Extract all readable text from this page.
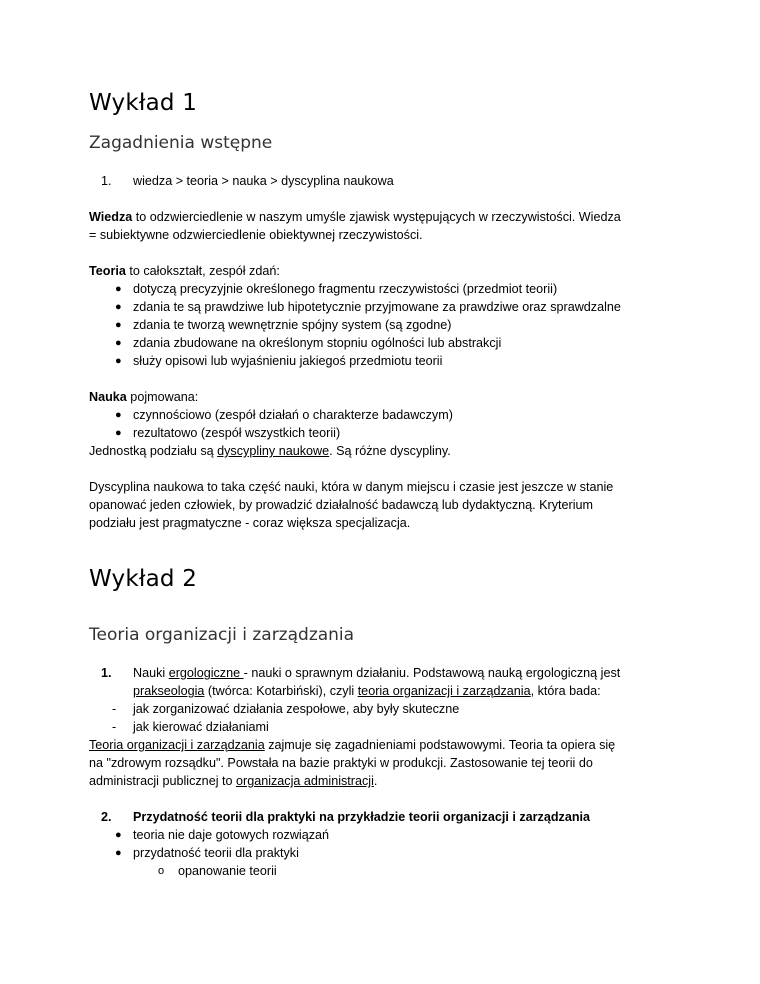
Wykład 1
Zagadnienia wstępne
1. wiedza > teoria > nauka > dyscyplina naukowa
Wiedza to odzwierciedlenie w naszym umyśle zjawisk występujących w rzeczywistości. Wiedza
= subiektywne odzwierciedlenie obiektywnej rzeczywistości.
Teoria to całokształt, zespół zdań:
● dotyczą precyzyjnie określonego fragmentu rzeczywistości (przedmiot teorii)
● zdania te są prawdziwe lub hipotetycznie przyjmowane za prawdziwe oraz sprawdzalne
● zdania te tworzą wewnętrznie spójny system (są zgodne)
● zdania zbudowane na określonym stopniu ogólności lub abstrakcji
● służy opisowi lub wyjaśnieniu jakiegoś przedmiotu teorii
Nauka pojmowana:
● czynnościowo (zespół działań o charakterze badawczym)
● rezultatowo (zespół wszystkich teorii)
Jednostką podziału są dyscypliny naukowe. Są różne dyscypliny.
Dyscyplina naukowa to taka część nauki, która w danym miejscu i czasie jest jeszcze w stanie
opanować jeden człowiek, by prowadzić działalność badawczą lub dydaktyczną. Kryterium
podziału jest pragmatyczne - coraz większa specjalizacja.
Wykład 2
Teoria organizacji i zarządzania
1. Nauki ergologiczne - nauki o sprawnym działaniu. Podstawową nauką ergologiczną jest
prakseologia (twórca: Kotarbiński), czyli teoria organizacji i zarządzania, która bada:
- jak zorganizować działania zespołowe, aby były skuteczne
- jak kierować działaniami
Teoria organizacji i zarządzania zajmuje się zagadnieniami podstawowymi. Teoria ta opiera się
na "zdrowym rozsądku". Powstała na bazie praktyki w produkcji. Zastosowanie tej teorii do
administracji publicznej to organizacja administracji.
2. Przydatność teorii dla praktyki na przykładzie teorii organizacji i zarządzania
● teoria nie daje gotowych rozwiązań
● przydatność teorii dla praktyki
o opanowanie teorii
